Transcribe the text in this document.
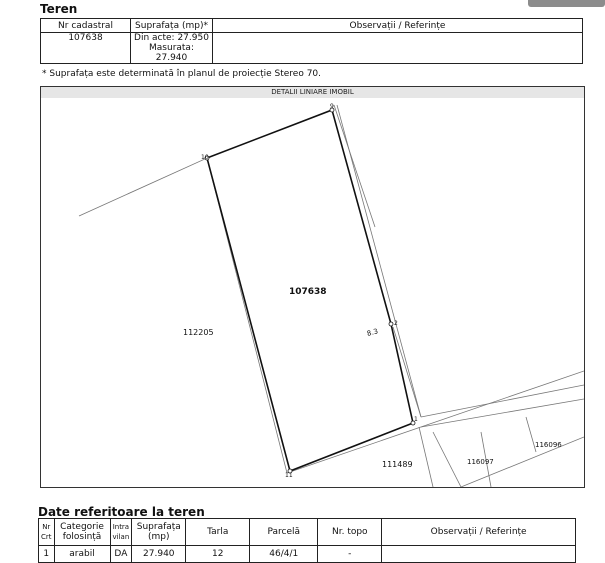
Teren
Nr cadastral	Suprafața (mp)*	Observații / Referințe
107638	Din acte: 27.950
Masurata:
27.940	

* Suprafața este determinată în planul de proiecție Stereo 70.
DETALII LINIARE IMOBIL
10
9
2
1
11
107638
112205
111489	116097
116096
8.3
Date referitoare la teren
Nr Crt	Categorie folosință	Intra vilan	Suprafața (mp)	Tarla	Parcelă	Nr. topo	Observații / Referințe
1	arabil	DA	27.940	12	46/4/1	-	
